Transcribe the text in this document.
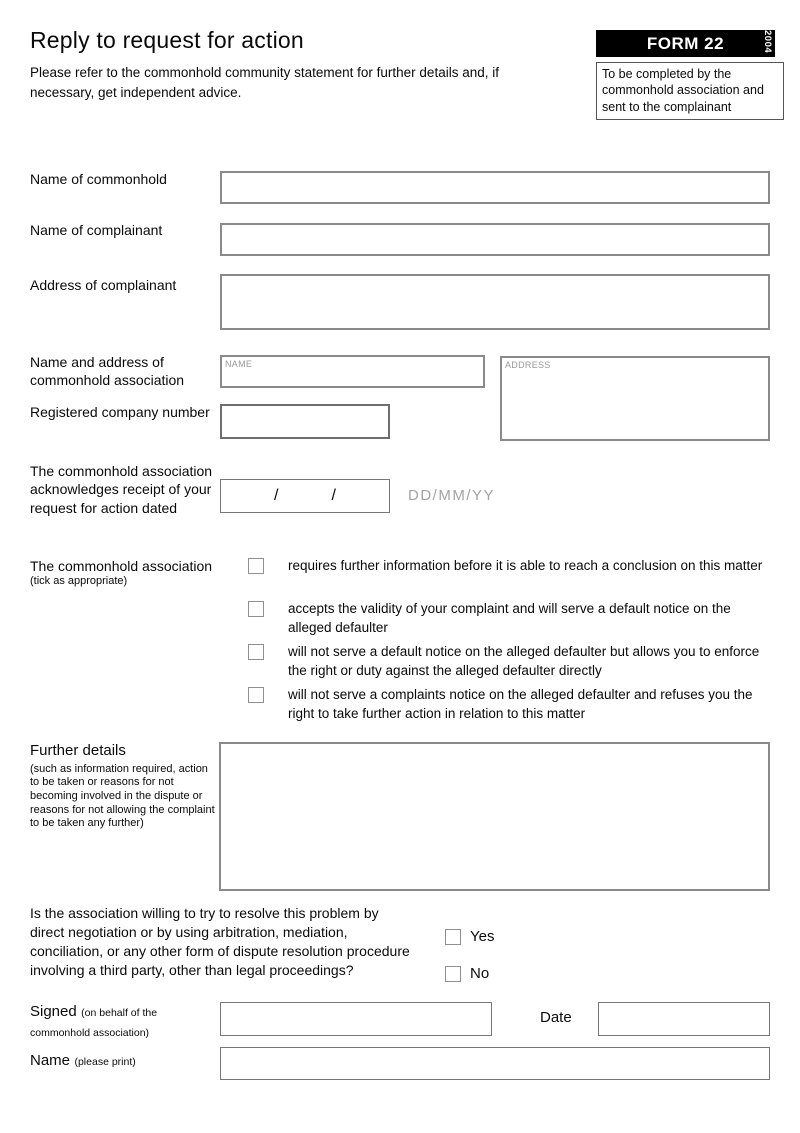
Reply to request for action
Please refer to the commonhold community statement for further details and, if necessary, get independent advice.
FORM 22	2004
To be completed by the commonhold association and sent to the complainant
Name of commonhold
Name of complainant
Address of complainant
Name and address of commonhold association
NAME	ADDRESS
Registered company number
The commonhold association acknowledges receipt of your request for action dated
/	/	DD/MM/YY
The commonhold association
(tick as appropriate)
requires further information before it is able to reach a conclusion on this matter
accepts the validity of your complaint and will serve a default notice on the alleged defaulter
will not serve a default notice on the alleged defaulter but allows you to enforce the right or duty against the alleged defaulter directly
will not serve a complaints notice on the alleged defaulter and refuses you the right to take further action in relation to this matter
Further details
(such as information required, action to be taken or reasons for not becoming involved in the dispute or reasons for not allowing the complaint to be taken any further)
Is the association willing to try to resolve this problem by direct negotiation or by using arbitration, mediation, conciliation, or any other form of dispute resolution procedure involving a third party, other than legal proceedings?
Yes
No
Signed (on behalf of the commonhold association)
Date
Name (please print)
